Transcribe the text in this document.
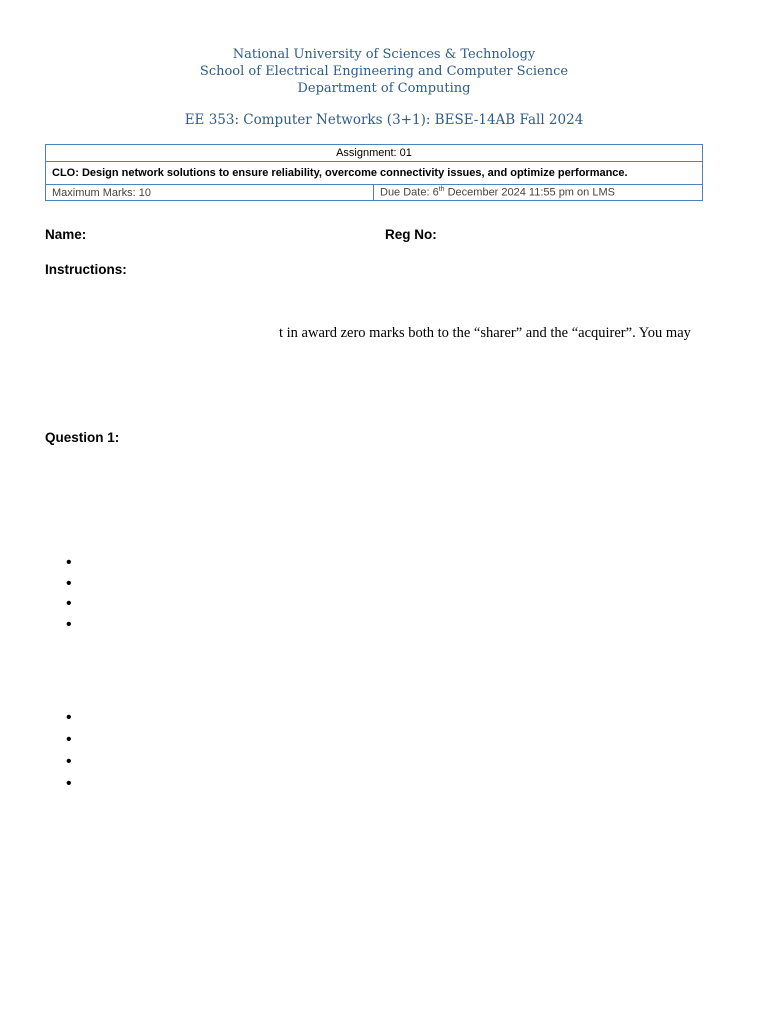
National University of Sciences & Technology
School of Electrical Engineering and Computer Science
Department of Computing
EE 353: Computer Networks (3+1): BESE-14AB Fall 2024
Assignment: 01
CLO: Design network solutions to ensure reliability, overcome connectivity issues, and optimize performance.
Maximum Marks: 10	Due Date: 6th December 2024 11:55 pm on LMS
Name:	Reg No:
Instructions:
t in award zero marks both to the “sharer” and the “acquirer”. You may
Question 1:
•
•
•
•
•
•
•
•
